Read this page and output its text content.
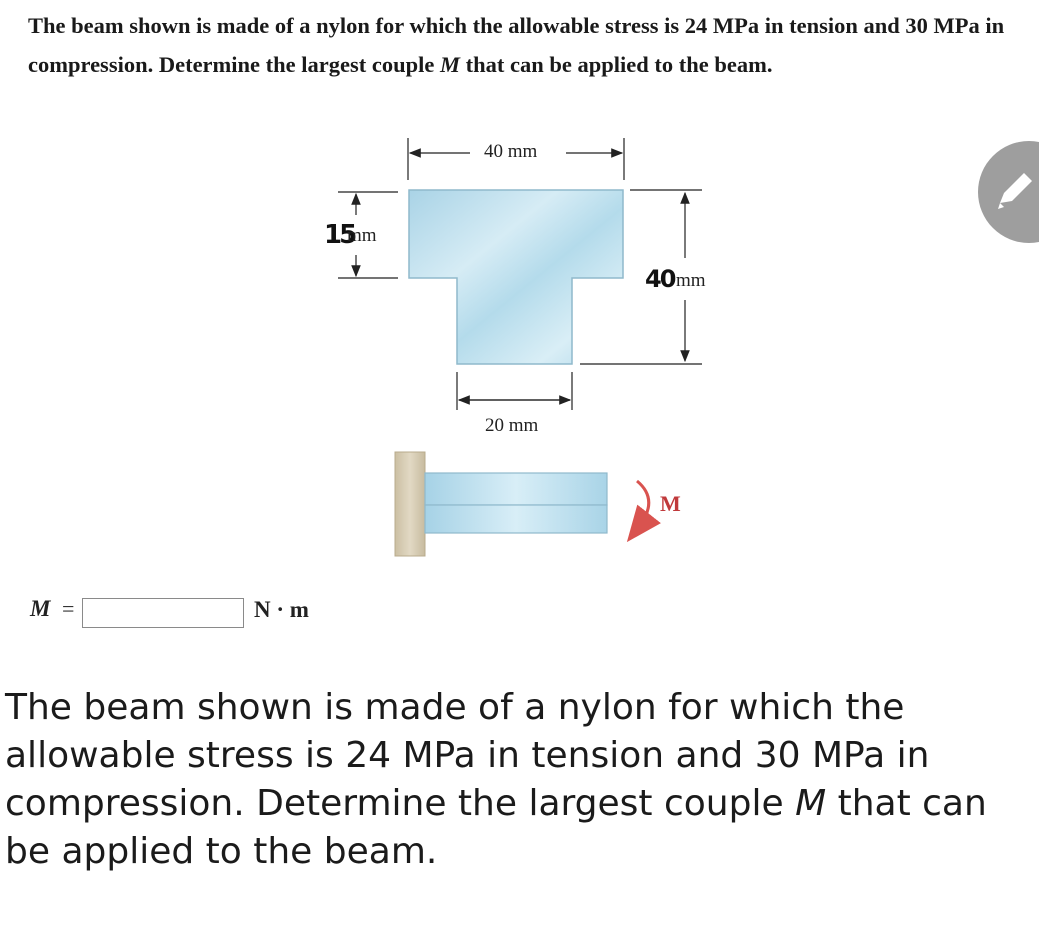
The beam shown is made of a nylon for which the allowable stress is 24 MPa in tension and 30 MPa in compression. Determine the largest couple M that can be applied to the beam.
40 mm
20 mm
15
mm
40 mm
M
M =	N · m
The beam shown is made of a nylon for which the allowable stress is 24 MPa in tension and 30 MPa in compression. Determine the largest couple M that can be applied to the beam.
